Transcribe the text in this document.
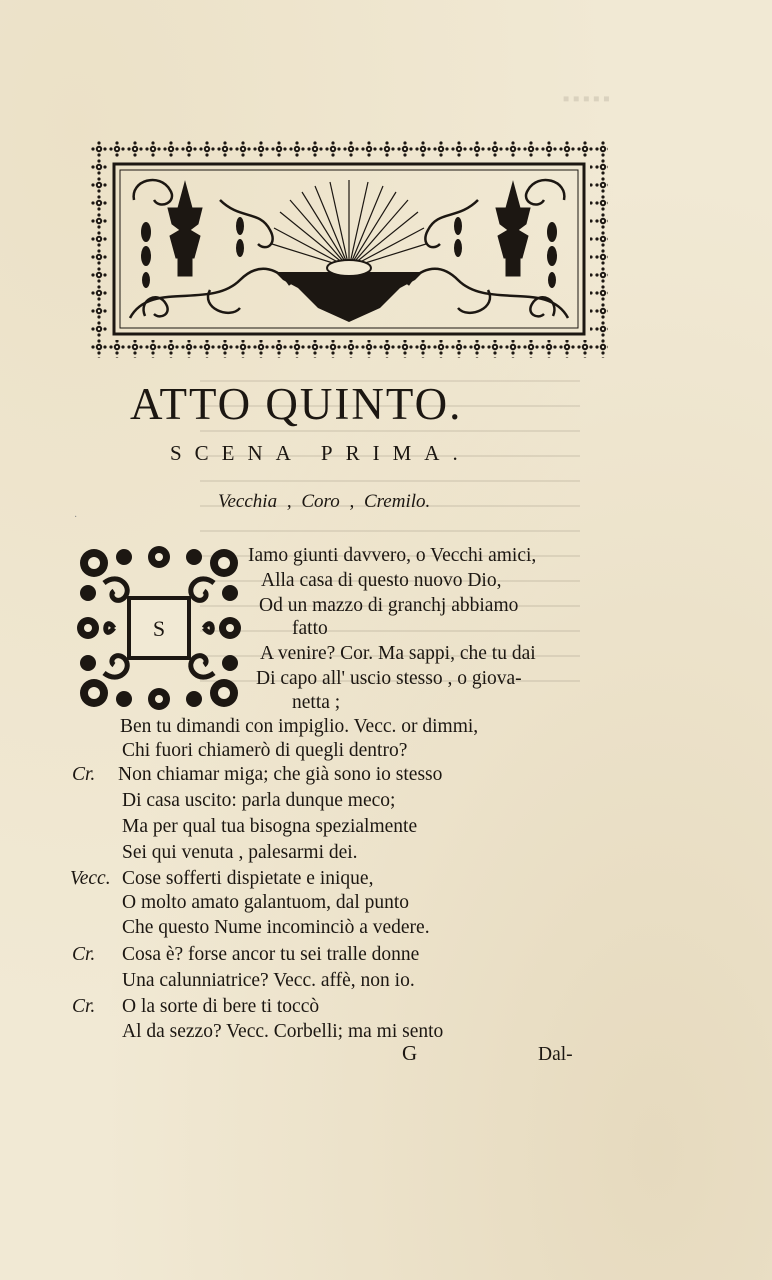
▪▪▪▪▪
ATTO QUINTO.
SCENA PRIMA.
Vecchia , Coro , Cremilo.
·
S
Cr.
Vecc.
Cr.
Cr.
Iamo giunti davvero, o Vecchi amici,
Alla casa di questo nuovo Dio,
Od un mazzo di granchj abbiamo
fatto
A venire? Cor. Ma sappi, che tu dai
Di capo all' uscio stesso , o giova-
netta ;
Ben tu dimandi con impiglio. Vecc. or dimmi,
Chi fuori chiamerò di quegli dentro?
Non chiamar miga; che già sono io stesso
Di casa uscito: parla dunque meco;
Ma per qual tua bisogna spezialmente
Sei qui venuta , palesarmi dei.
Cose sofferti dispietate e inique,
O molto amato galantuom, dal punto
Che questo Nume incominciò a vedere.
Cosa è? forse ancor tu sei tralle donne
Una calunniatrice? Vecc. affè, non io.
O la sorte di bere ti toccò
Al da sezzo? Vecc. Corbelli; ma mi sento
G	Dal-
